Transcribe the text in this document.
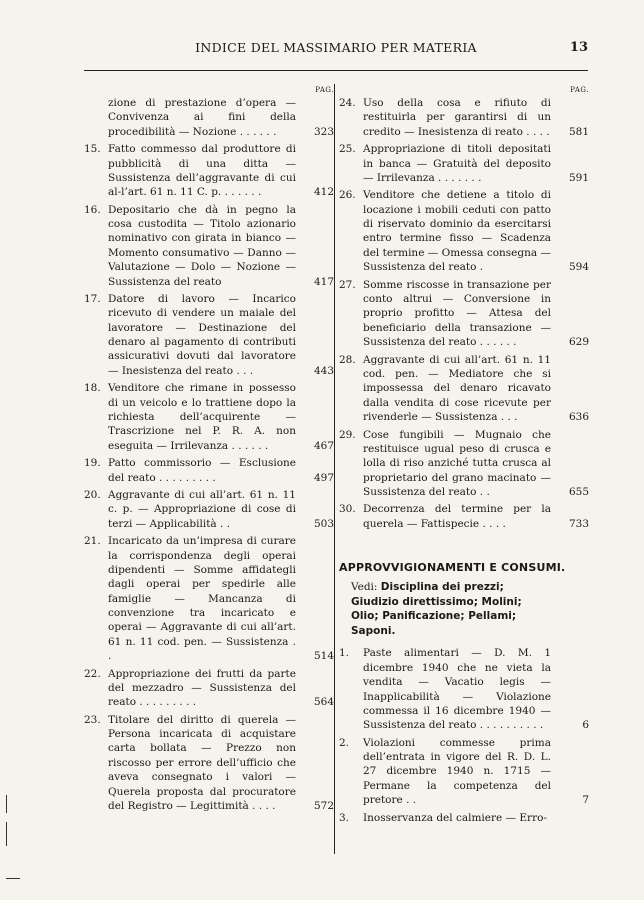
INDICE DEL MASSIMARIO PER MATERIA	13
PAG.
zione di prestazione d’opera — Convivenza ai fini della procedibilità — Nozione . . . . . .	323
15. Fatto commesso dal produttore di pubblicità di una ditta — Sussistenza dell’aggravante di cui al-l’art. 61 n. 11 C. p. . . . . . .	412
16. Depositario che dà in pegno la cosa custodita — Titolo azionario nominativo con girata in bianco — Momento consumativo — Danno — Valutazione — Dolo — Nozione — Sussistenza del reato	417
17. Datore di lavoro — Incarico ricevuto di vendere un maiale del lavoratore — Destinazione del denaro al pagamento di contributi assicurativi dovuti dal lavoratore — Inesistenza del reato . . .	443
18. Venditore che rimane in possesso di un veicolo e lo trattiene dopo la richiesta dell’acquirente — Trascrizione nel P. R. A. non eseguita — Irrilevanza . . . . . .	467
19. Patto commissorio — Esclusione del reato . . . . . . . . .	497
20. Aggravante di cui all’art. 61 n. 11 c. p. — Appropriazione di cose di terzi — Applicabilità . .	503
21. Incaricato da un’impresa di curare la corrispondenza degli operai dipendenti — Somme affidategli dagli operai per spedirle alle famiglie — Mancanza di convenzione tra incaricato e operai — Aggravante di cui all’art. 61 n. 11 cod. pen. — Sussistenza . .	514
22. Appropriazione dei frutti da parte del mezzadro — Sussistenza del reato . . . . . . . . .	564
23. Titolare del diritto di querela — Persona incaricata di acquistare carta bollata — Prezzo non riscosso per errore dell’ufficio che aveva consegnato i valori — Querela proposta dal procuratore del Registro — Legittimità . . . .	572
PAG.
24. Uso della cosa e rifiuto di restituirla per garantirsi di un credito — Inesistenza di reato . . . .	581
25. Appropriazione di titoli depositati in banca — Gratuità del deposito — Irrilevanza . . . . . . .	591
26. Venditore che detiene a titolo di locazione i mobili ceduti con patto di riservato dominio da esercitarsi entro termine fisso — Scadenza del termine — Omessa consegna — Sussistenza del reato .	594
27. Somme riscosse in transazione per conto altrui — Conversione in proprio profitto — Attesa del beneficiario della transazione — Sussistenza del reato . . . . . .	629
28. Aggravante di cui all’art. 61 n. 11 cod. pen. — Mediatore che si impossessa del denaro ricavato dalla vendita di cose ricevute per rivenderle — Sussistenza . . .	636
29. Cose fungibili — Mugnaio che restituisce ugual peso di crusca e lolla di riso anziché tutta crusca al proprietario del grano macinato — Sussistenza del reato . .	655
30. Decorrenza del termine per la querela — Fattispecie . . . .	733
APPROVVIGIONAMENTI E CONSUMI.
Vedi: Disciplina dei prezzi; Giudizio direttissimo; Molini; Olio; Panificazione; Pellami; Saponi.
1. Paste alimentari — D. M. 1 dicembre 1940 che ne vieta la vendita — Vacatio legis — Inapplicabilità — Violazione commessa il 16 dicembre 1940 — Sussistenza del reato . . . . . . . . . .	6
2. Violazioni commesse prima dell’entrata in vigore del R. D. L. 27 dicembre 1940 n. 1715 — Permane la competenza del pretore . .	7
3. Inosservanza del calmiere — Erro-
